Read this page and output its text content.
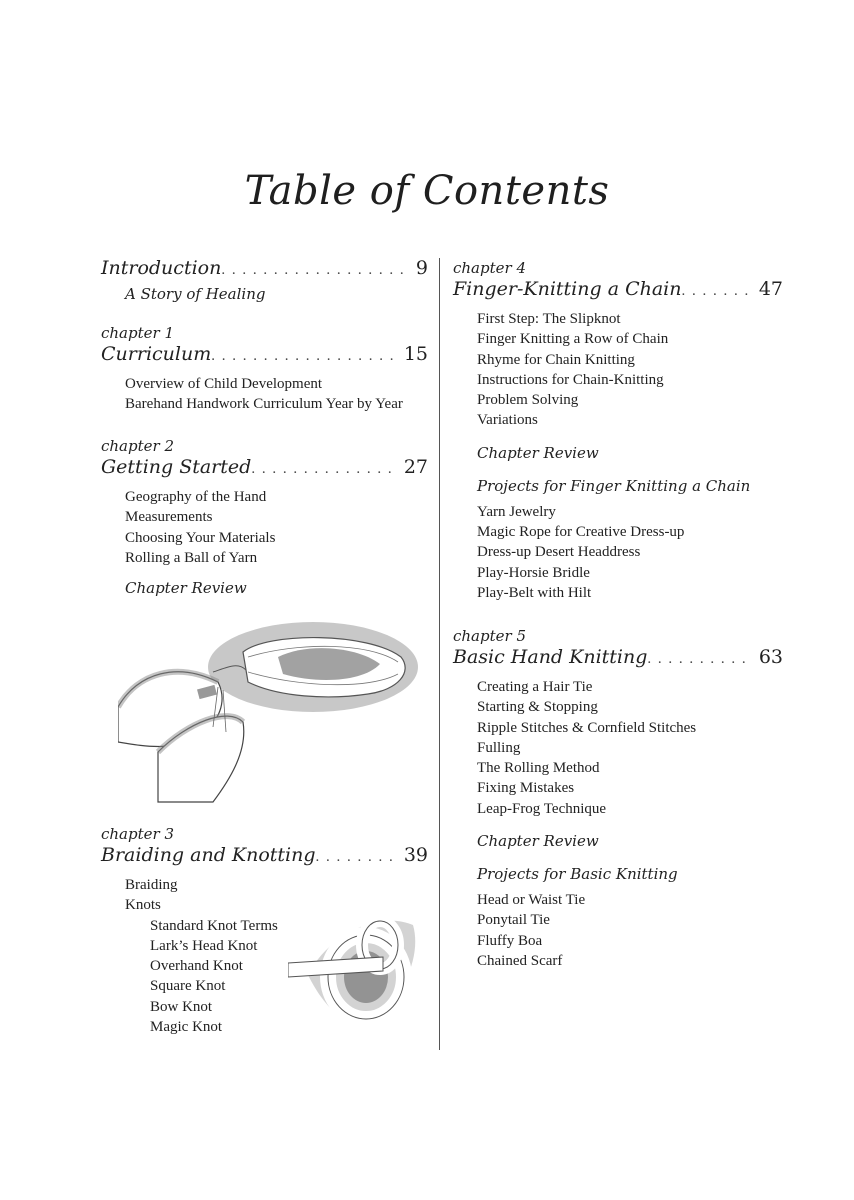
Table of Contents
Introduction . . .	9
A Story of Healing
chapter 1
Curriculum . . .	15
Overview of Child Development
Barehand Handwork Curriculum Year by Year
chapter 2
Getting Started . . .	27
Geography of the Hand
Measurements
Choosing Your Materials
Rolling a Ball of Yarn
Chapter Review
chapter 3
Braiding and Knotting . . .	39
Braiding
Knots
Standard Knot Terms
Lark’s Head Knot
Overhand Knot
Square Knot
Bow Knot
Magic Knot
chapter 4
Finger-Knitting a Chain . . .	47
First Step: The Slipknot
Finger Knitting a Row of Chain
Rhyme for Chain Knitting
Instructions for Chain-Knitting
Problem Solving
Variations
Chapter Review
Projects for Finger Knitting a Chain
Yarn Jewelry
Magic Rope for Creative Dress-up
Dress-up Desert Headdress
Play-Horsie Bridle
Play-Belt with Hilt
chapter 5
Basic Hand Knitting . . .	63
Creating a Hair Tie
Starting & Stopping
Ripple Stitches & Cornfield Stitches
Fulling
The Rolling Method
Fixing Mistakes
Leap-Frog Technique
Chapter Review
Projects for Basic Knitting
Head or Waist Tie
Ponytail Tie
Fluffy Boa
Chained Scarf
